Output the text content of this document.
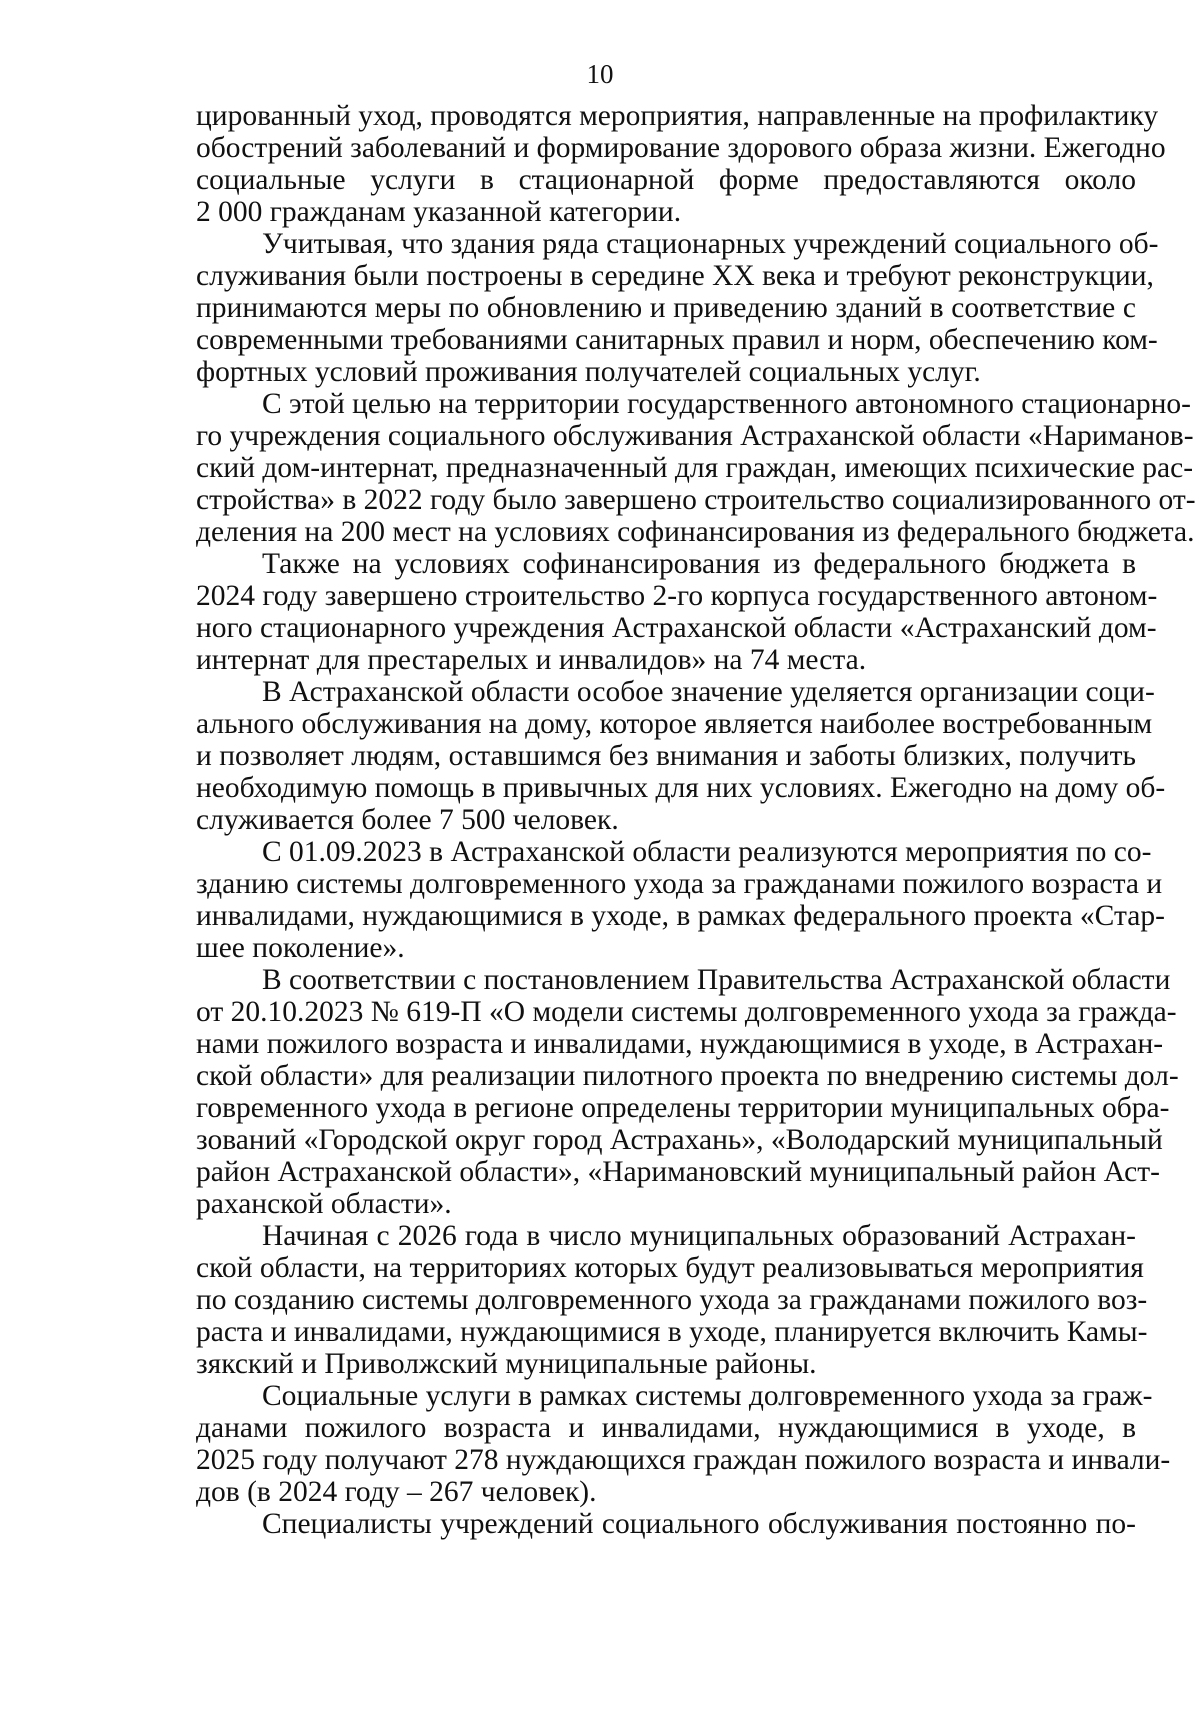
10
цированный уход, проводятся мероприятия, направленные на профилактику
обострений заболеваний и формирование здорового образа жизни. Ежегодно
социальные услуги в стационарной форме предоставляются около
2 000 гражданам указанной категории.
Учитывая, что здания ряда стационарных учреждений социального об-
служивания были построены в середине XX века и требуют реконструкции,
принимаются меры по обновлению и приведению зданий в соответствие с
современными требованиями санитарных правил и норм, обеспечению ком-
фортных условий проживания получателей социальных услуг.
С этой целью на территории государственного автономного стационарно-
го учреждения социального обслуживания Астраханской области «Нариманов-
ский дом-интернат, предназначенный для граждан, имеющих психические рас-
стройства» в 2022 году было завершено строительство социализированного от-
деления на 200 мест на условиях софинансирования из федерального бюджета.
Также на условиях софинансирования из федерального бюджета в
2024 году завершено строительство 2-го корпуса государственного автоном-
ного стационарного учреждения Астраханской области «Астраханский дом-
интернат для престарелых и инвалидов» на 74 места.
В Астраханской области особое значение уделяется организации соци-
ального обслуживания на дому, которое является наиболее востребованным
и позволяет людям, оставшимся без внимания и заботы близких, получить
необходимую помощь в привычных для них условиях. Ежегодно на дому об-
служивается более 7 500 человек.
С 01.09.2023 в Астраханской области реализуются мероприятия по со-
зданию системы долговременного ухода за гражданами пожилого возраста и
инвалидами, нуждающимися в уходе, в рамках федерального проекта «Стар-
шее поколение».
В соответствии с постановлением Правительства Астраханской области
от 20.10.2023 № 619-П «О модели системы долговременного ухода за гражда-
нами пожилого возраста и инвалидами, нуждающимися в уходе, в Астрахан-
ской области» для реализации пилотного проекта по внедрению системы дол-
говременного ухода в регионе определены территории муниципальных обра-
зований «Городской округ город Астрахань», «Володарский муниципальный
район Астраханской области», «Наримановский муниципальный район Аст-
раханской области».
Начиная с 2026 года в число муниципальных образований Астрахан-
ской области, на территориях которых будут реализовываться мероприятия
по созданию системы долговременного ухода за гражданами пожилого воз-
раста и инвалидами, нуждающимися в уходе, планируется включить Камы-
зякский и Приволжский муниципальные районы.
Социальные услуги в рамках системы долговременного ухода за граж-
данами пожилого возраста и инвалидами, нуждающимися в уходе, в
2025 году получают 278 нуждающихся граждан пожилого возраста и инвали-
дов (в 2024 году – 267 человек).
Специалисты учреждений социального обслуживания постоянно по-
